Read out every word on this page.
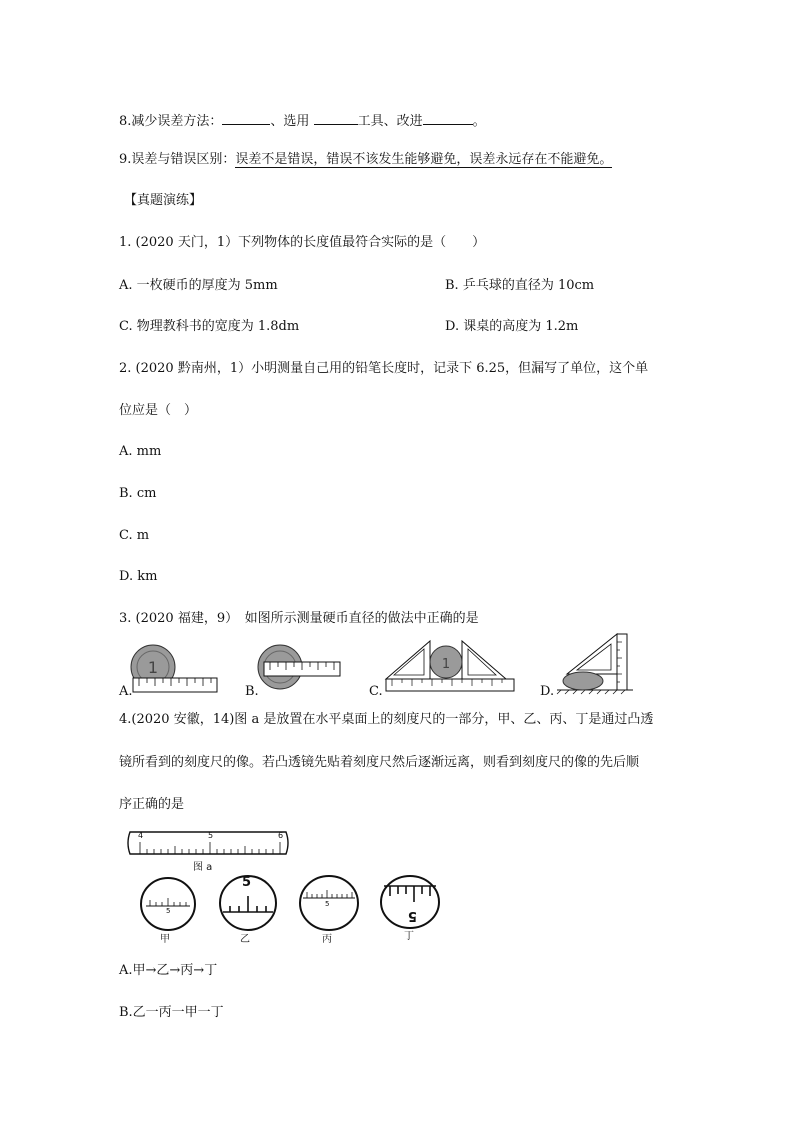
8.减少误差方法：	、选用	工具、改进	。
9.误差与错误区别：误差不是错误，错误不该发生能够避免，误差永远存在不能避免。
【真题演练】
1. (2020 天门，1）下列物体的长度值最符合实际的是（　　）
A. 一枚硬币的厚度为 5mm	B. 乒乓球的直径为 10cm
C. 物理教科书的宽度为 1.8dm	D. 课桌的高度为 1.2m
2. (2020 黔南州，1）小明测量自己用的铅笔长度时，记录下 6.25，但漏写了单位，这个单
位应是（　）
A. mm
B. cm
C. m
D. km
3. (2020 福建，9）　如图所示测量硬币直径的做法中正确的是
A.
1
B.	C.
1
D.
4.(2020 安徽，14)图 a 是放置在水平桌面上的刻度尺的一部分，甲、乙、丙、丁是通过凸透
镜所看到的刻度尺的像。若凸透镜先贴着刻度尺然后逐渐远离，则看到刻度尺的像的先后顺
序正确的是
4	5	6
图 a
5
甲
5
乙
5
丙
5
丁
A.甲→乙→丙→丁
B.乙一丙一甲一丁
